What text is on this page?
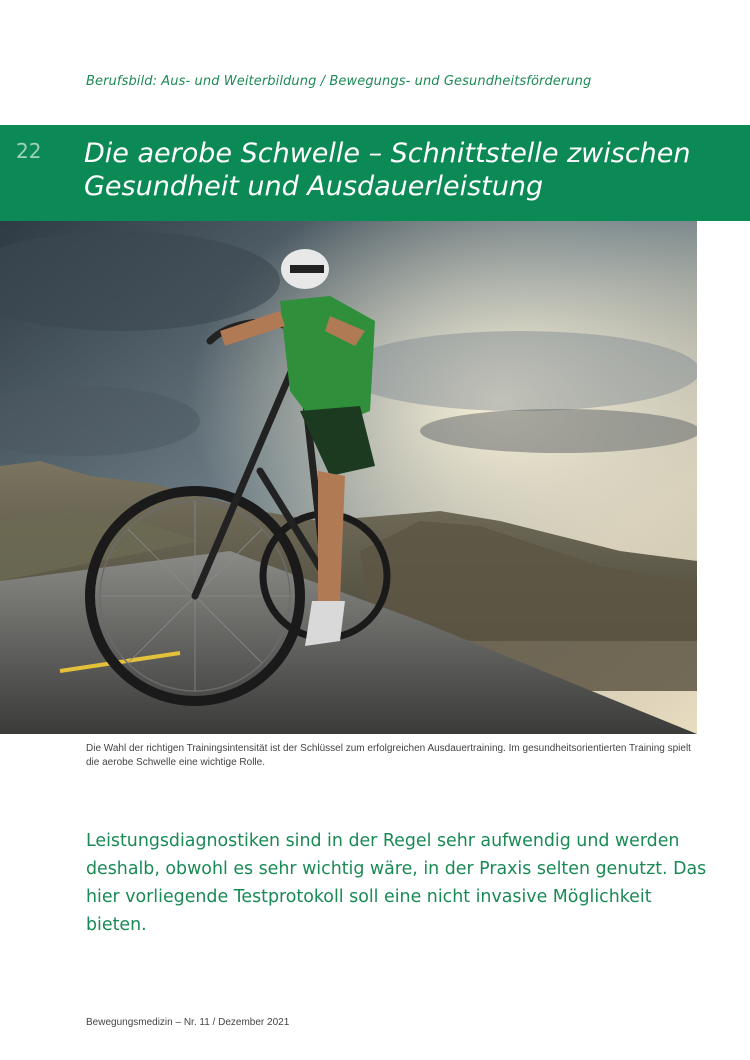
Berufsbild: Aus- und Weiterbildung / Bewegungs- und Gesundheitsförderung
22 Die aerobe Schwelle – Schnittstelle zwischen Gesundheit und Ausdauerleistung

Die Wahl der richtigen Trainingsintensität ist der Schlüssel zum erfolgreichen Ausdauertraining. Im gesundheitsorientierten Training spielt die aerobe Schwelle eine wichtige Rolle.

Leistungsdiagnostiken sind in der Regel sehr aufwendig und werden deshalb, obwohl es sehr wichtig wäre, in der Praxis selten genutzt. Das hier vorliegende Testprotokoll soll eine nicht invasive Möglichkeit bieten.

Bewegungsmedizin – Nr. 11 / Dezember 2021
